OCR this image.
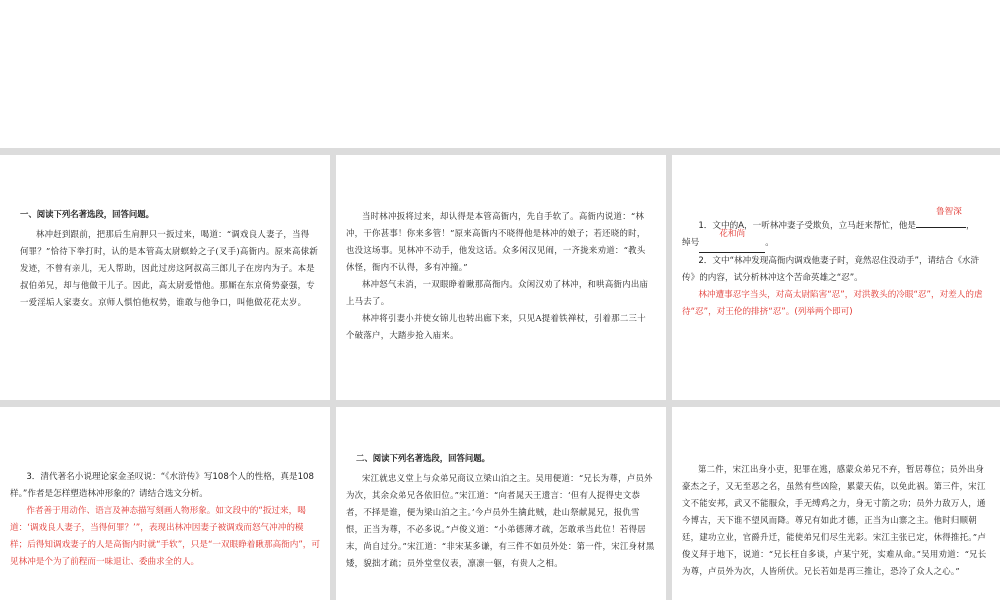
一、阅读下列名著选段，回答问题。

林冲赶到跟前，把那后生肩胛只一扳过来，喝道：“调戏良人妻子，当得何罪？”恰待下拳打时，认的是本管高太尉螟蛉之子(叉手)高衙内。原来高俅新发迹，不曾有亲儿，无人帮助，因此过房这阿叔高三郎儿子在房内为子。本是叔伯弟兄，却与他做干儿子。因此，高太尉爱惜他。那厮在东京倚势豪强，专一爱淫垢人家妻女。京师人惧怕他权势，谁敢与他争口，叫他做花花太岁。

当时林冲扳将过来，却认得是本管高衙内，先自手软了。高衙内说道：“林冲，干你甚事！你来多管！”原来高衙内不晓得他是林冲的娘子；若还晓的时，也没这场事。见林冲不动手，他发这话。众多闲汉见闹，一齐拢来劝道：“教头休怪，衙内不认得，多有冲撞。”

林冲怒气未消，一双眼睁着瞅那高衙内。众闲汉劝了林冲，和哄高衙内出庙上马去了。

林冲将引妻小并使女锦儿也转出廊下来，只见A提着铁禅杖，引着那二三十个破落户，大踏步抢入庙来。

鲁智深

1．文中的A，一听林冲妻子受欺负，立马赶来帮忙，他是	，

绰号
花和尚
。

2．文中“林冲发现高衙内调戏他妻子时，竟然忍住没动手”，请结合《水浒传》的内容，试分析林冲这个苦命英雄之“忍”。

林冲遭事忍字当头，对高太尉陷害“忍”，对洪教头的冷眼“忍”，对差人的虐待“忍”，对王伦的排挤“忍”。(列举两个即可)

3．清代著名小说理论家金圣叹说：“《水浒传》写108个人的性格，真是108样。”作者是怎样塑造林冲形象的？请结合选文分析。

作者善于用动作、语言及神态描写刻画人物形象。如文段中的“扳过来，喝道：‘调戏良人妻子，当得何罪？’”，表现出林冲因妻子被调戏而怒气冲冲的模样；后得知调戏妻子的人是高衙内时就“手软”，只是“一双眼睁着瞅那高衙内”，可见林冲是个为了前程而一味退让、委曲求全的人。

二、阅读下列名著选段，回答问题。

宋江就忠义堂上与众弟兄商议立梁山泊之主。吴用便道：“兄长为尊，卢员外为次，其余众弟兄各依旧位。”宋江道：“向者晁天王遗言：‘但有人捉得史文恭者，不择是谁，便为梁山泊之主。’今卢员外生擒此贼，赴山祭献晁兄，报仇雪恨，正当为尊，不必多说。”卢俊义道：“小弟德薄才疏，怎敢承当此位！若得居末，尚自过分。”宋江道：“非宋某多谦，有三件不如员外处：第一件，宋江身材黑矮，貌拙才疏；员外堂堂仪表，凛凛一躯，有贵人之相。

第二件，宋江出身小吏，犯罪在逃，感蒙众弟兄不弃，暂居尊位；员外出身豪杰之子，又无至恶之名，虽然有些凶险，累蒙天佑，以免此祸。第三件，宋江文不能安邦，武又不能服众，手无缚鸡之力，身无寸箭之功；员外力敌万人，通今博古，天下谁不望风而降。尊兄有如此才德，正当为山寨之主。他时归顺朝廷，建功立业，官爵升迁，能使弟兄们尽生光彩。宋江主张已定，休得推托。”卢俊义拜于地下，说道：“兄长枉自多谈，卢某宁死，实难从命。”吴用劝道：“兄长为尊，卢员外为次，人皆所伏。兄长若如是再三推让，恐冷了众人之心。”
